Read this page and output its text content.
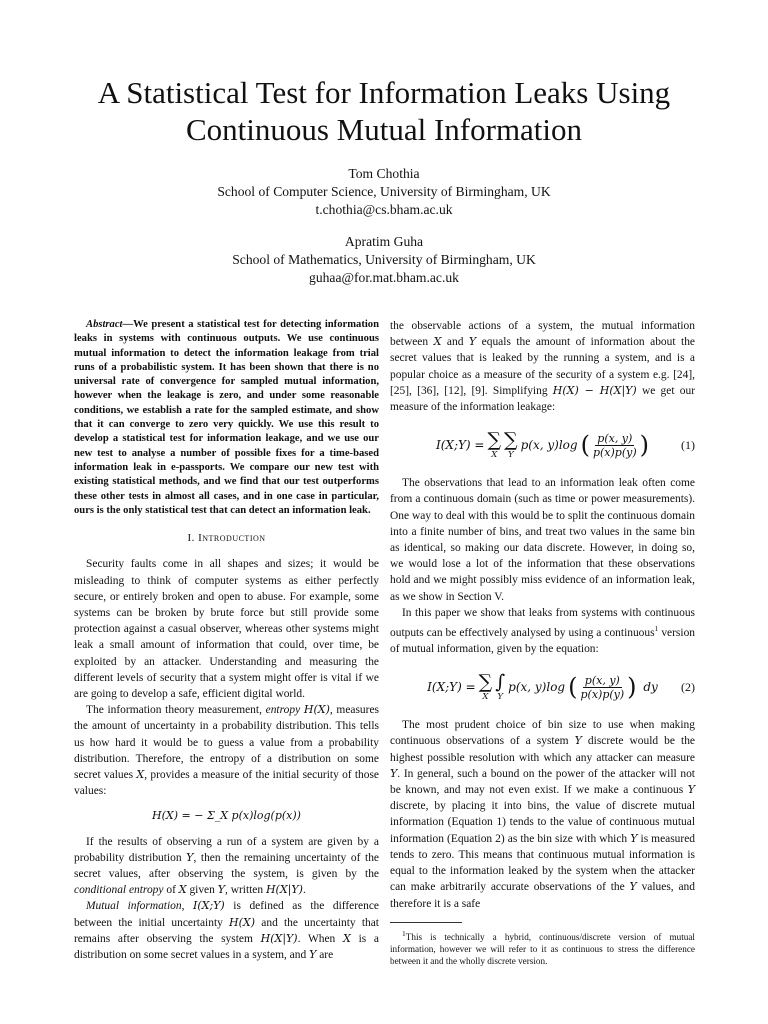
A Statistical Test for Information Leaks Using
Continuous Mutual Information
Tom Chothia
School of Computer Science, University of Birmingham, UK
t.chothia@cs.bham.ac.uk
Apratim Guha
School of Mathematics, University of Birmingham, UK
guhaa@for.mat.bham.ac.uk

Abstract—We present a statistical test for detecting information leaks in systems with continuous outputs. We use continuous mutual information to detect the information leakage from trial runs of a probabilistic system. It has been shown that there is no universal rate of convergence for sampled mutual information, however when the leakage is zero, and under some reasonable conditions, we establish a rate for the sampled estimate, and show that it can converge to zero very quickly. We use this result to develop a statistical test for information leakage, and we use our new test to analyse a number of possible fixes for a time-based information leak in e-passports. We compare our new test with existing statistical methods, and we find that our test outperforms these other tests in almost all cases, and in one case in particular, ours is the only statistical test that can detect an information leak.

I. Introduction

Security faults come in all shapes and sizes; it would be misleading to think of computer systems as either perfectly secure, or entirely broken and open to abuse. For example, some systems can be broken by brute force but still provide some protection against a casual observer, whereas other systems might leak a small amount of information that could, over time, be exploited by an attacker. Understanding and measuring the different levels of security that a system might offer is vital if we are going to develop a safe, efficient digital world.

The information theory measurement, entropy H(X), measures the amount of uncertainty in a probability distribution. This tells us how hard it would be to guess a value from a probability distribution. Therefore, the entropy of a distribution on some secret values X, provides a measure of the initial security of those values:

H(X) = − Σ_X p(x)log(p(x))

If the results of observing a run of a system are given by a probability distribution Y, then the remaining uncertainty of the secret values, after observing the system, is given by the conditional entropy of X given Y, written H(X|Y).

Mutual information, I(X;Y) is defined as the difference between the initial uncertainty H(X) and the uncertainty that remains after observing the system H(X|Y). When X is a distribution on some secret values in a system, and Y are

the observable actions of a system, the mutual information between X and Y equals the amount of information about the secret values that is leaked by the running a system, and is a popular choice as a measure of the security of a system e.g. [24], [25], [36], [12], [9]. Simplifying H(X) − H(X|Y) we get our measure of the information leakage:

I(X;Y) = ∑
X
∑
Y
p(x, y)log ( $\frac{p(x, y)}{p(x)p(y)}$ )	(1)

The observations that lead to an information leak often come from a continuous domain (such as time or power measurements). One way to deal with this would be to split the continuous domain into a finite number of bins, and treat two values in the same bin as identical, so making our data discrete. However, in doing so, we would lose a lot of the information that these observations hold and we might possibly miss evidence of an information leak, as we show in Section V.

In this paper we show that leaks from systems with continuous outputs can be effectively analysed by using a continuous$^1$ version of mutual information, given by the equation:

I(X;Y) = ∑
X
∫
Y
p(x, y)log ( $\frac{p(x, y)}{p(x)p(y)}$ ) dy (2)

The most prudent choice of bin size to use when making continuous observations of a system Y discrete would be the highest possible resolution with which any attacker can measure Y. In general, such a bound on the power of the attacker will not be known, and may not even exist. If we make a continuous Y discrete, by placing it into bins, the value of discrete mutual information (Equation 1) tends to the value of continuous mutual information (Equation 2) as the bin size with which Y is measured tends to zero. This means that continuous mutual information is equal to the information leaked by the system when the attacker can make arbitrarily accurate observations of the Y values, and therefore it is a safe

$^1$This is technically a hybrid, continuous/discrete version of mutual information, however we will refer to it as continuous to stress the difference between it and the wholly discrete version.
